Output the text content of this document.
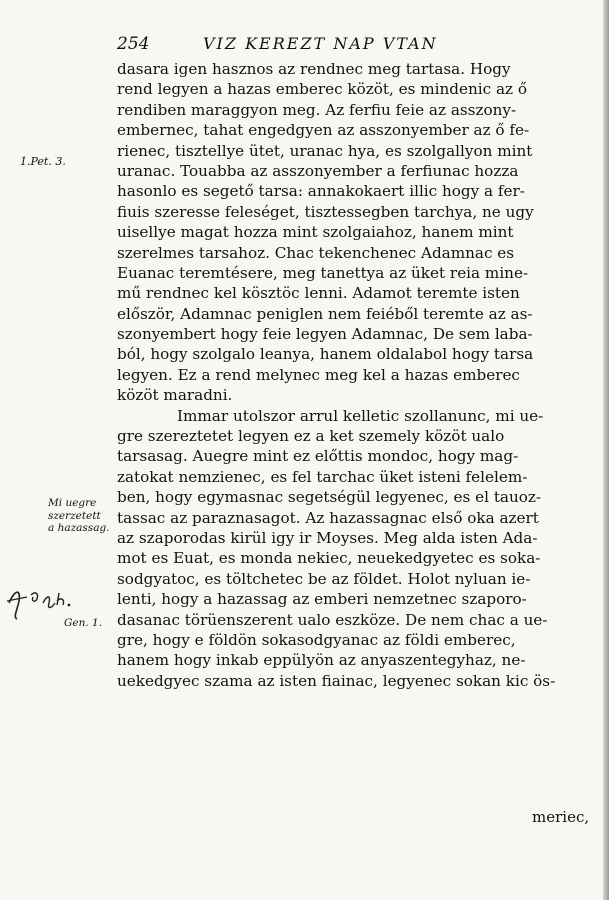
254	VIZ KEREZT NAP VTAN
1.Pet. 3.
Mi uegre
szerzetett
a hazassag.
Gen. 1.
dasara igen hasznos az rendnec meg tartasa. Hogy
rend legyen a hazas emberec közöt, es mindenic az ő
rendiben maraggyon meg. Az ferfiu feie az asszony-
embernec, tahat engedgyen az asszonyember az ő fe-
rienec, tisztellye ütet, uranac hya, es szolgallyon mint
uranac. Touabba az asszonyember a ferfiunac hozza
hasonlo es segető tarsa: annakokaert illic hogy a fer-
fiuis szeresse feleséget, tisztessegben tarchya, ne ugy
uisellye magat hozza mint szolgaiahoz, hanem mint
szerelmes tarsahoz. Chac tekenchenec Adamnac es
Euanac teremtésere, meg tanettya az üket reia mine-
mű rendnec kel kösztöc lenni. Adamot teremte isten
először, Adamnac peniglen nem feiéből teremte az as-
szonyembert hogy feie legyen Adamnac, De sem laba-
ból, hogy szolgalo leanya, hanem oldalabol hogy tarsa
legyen. Ez a rend melynec meg kel a hazas emberec
közöt maradni.
Immar utolszor arrul kelletic szollanunc, mi ue-
gre szereztetet legyen ez a ket szemely közöt ualo
tarsasag. Auegre mint ez előttis mondoc, hogy mag-
zatokat nemzienec, es fel tarchac üket isteni felelem-
ben, hogy egymasnac segetségül legyenec, es el tauoz-
tassac az paraznasagot. Az hazassagnac első oka azert
az szaporodas kirül igy ir Moyses. Meg alda isten Ada-
mot es Euat, es monda nekiec, neuekedgyetec es soka-
sodgyatoc, es töltchetec be az földet. Holot nyluan ie-
lenti, hogy a hazassag az emberi nemzetnec szaporo-
dasanac törüenszerent ualo eszköze. De nem chac a ue-
gre, hogy e földön sokasodgyanac az földi emberec,
hanem hogy inkab eppülyön az anyaszentegyhaz, ne-
uekedgyec szama az isten fiainac, legyenec sokan kic ös-
meriec,
